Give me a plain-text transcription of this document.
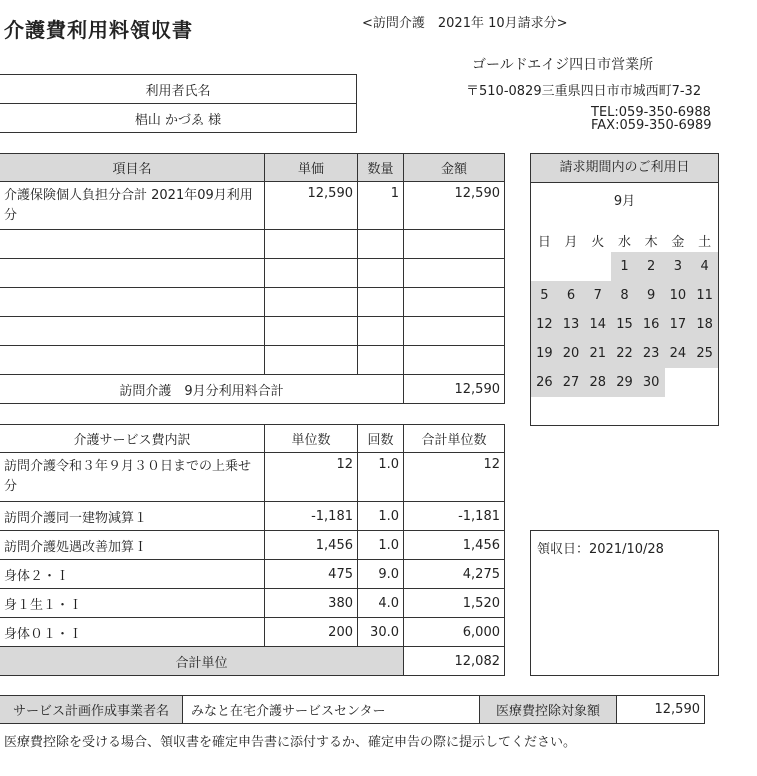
介護費利用料領収書	<訪問介護　2021年 10月請求分>
ゴールドエイジ四日市営業所
〒510-0829三重県四日市市城西町7-32
TEL:059-350-6988
FAX:059-350-6989
利用者氏名
椙山 かづゑ 様
項目名	単価	数量	金額
介護保険個人負担分合計 2021年09月利用分	12,590	1	12,590

訪問介護　9月分利用料合計			12,590
請求期間内のご利用日
9月
日	月	火	水	木	金	土
			1	2	3	4
5	6	7	8	9	10	11
12	13	14	15	16	17	18
19	20	21	22	23	24	25
26	27	28	29	30		
介護サービス費内訳	単位数	回数	合計単位数
訪問介護令和３年９月３０日までの上乗せ分	12	1.0	12
訪問介護同一建物減算１	-1,181	1.0	-1,181
訪問介護処遇改善加算Ｉ	1,456	1.0	1,456
身体２・Ｉ	475	9.0	4,275
身１生１・Ｉ	380	4.0	1,520
身体０１・Ｉ	200	30.0	6,000
合計単位			12,082
領収日：2021/10/28
サービス計画作成事業者名	みなと在宅介護サービスセンター	医療費控除対象額	12,590
医療費控除を受ける場合、領収書を確定申告書に添付するか、確定申告の際に提示してください。
